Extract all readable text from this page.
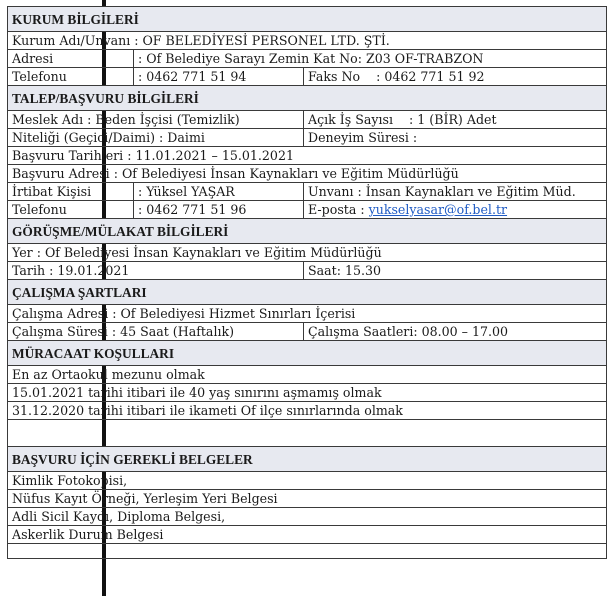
KURUM BİLGİLERİ		
Kurum Adı/Unvanı : OF BELEDİYESİ PERSONEL LTD. ŞTİ.		
Adresi	: Of Belediye Sarayı Zemin Kat No: Z03 OF-TRABZON	
Telefonu	: 0462 771 51 94	Faks No : 0462 771 51 92
TALEP/BAŞVURU BİLGİLERİ		
Meslek Adı : Beden İşçisi (Temizlik)		Açık İş Sayısı : 1 (BİR) Adet
Niteliği (Geçici/Daimi) : Daimi		Deneyim Süresi :
Başvuru Tarihleri : 11.01.2021 – 15.01.2021		
Başvuru Adresi : Of Belediyesi İnsan Kaynakları ve Eğitim Müdürlüğü		
İrtibat Kişisi	: Yüksel YAŞAR	Unvanı : İnsan Kaynakları ve Eğitim Müd.
Telefonu	: 0462 771 51 96	E-posta : yukselyasar@of.bel.tr
GÖRÜŞME/MÜLAKAT BİLGİLERİ		
Yer : Of Belediyesi İnsan Kaynakları ve Eğitim Müdürlüğü		
Tarih : 19.01.2021		Saat: 15.30
ÇALIŞMA ŞARTLARI		
Çalışma Adresi : Of Belediyesi Hizmet Sınırları İçerisi		
Çalışma Süresi : 45 Saat (Haftalık)		Çalışma Saatleri: 08.00 – 17.00
MÜRACAAT KOŞULLARI		
En az Ortaokul mezunu olmak		
15.01.2021 tarihi itibari ile 40 yaş sınırını aşmamış olmak		
31.12.2020 tarihi itibari ile ikameti Of ilçe sınırlarında olmak		

BAŞVURU İÇİN GEREKLİ BELGELER		
Kimlik Fotokopisi,		
Nüfus Kayıt Örneği, Yerleşim Yeri Belgesi		
Adli Sicil Kaydı, Diploma Belgesi,		
Askerlik Durum Belgesi		
